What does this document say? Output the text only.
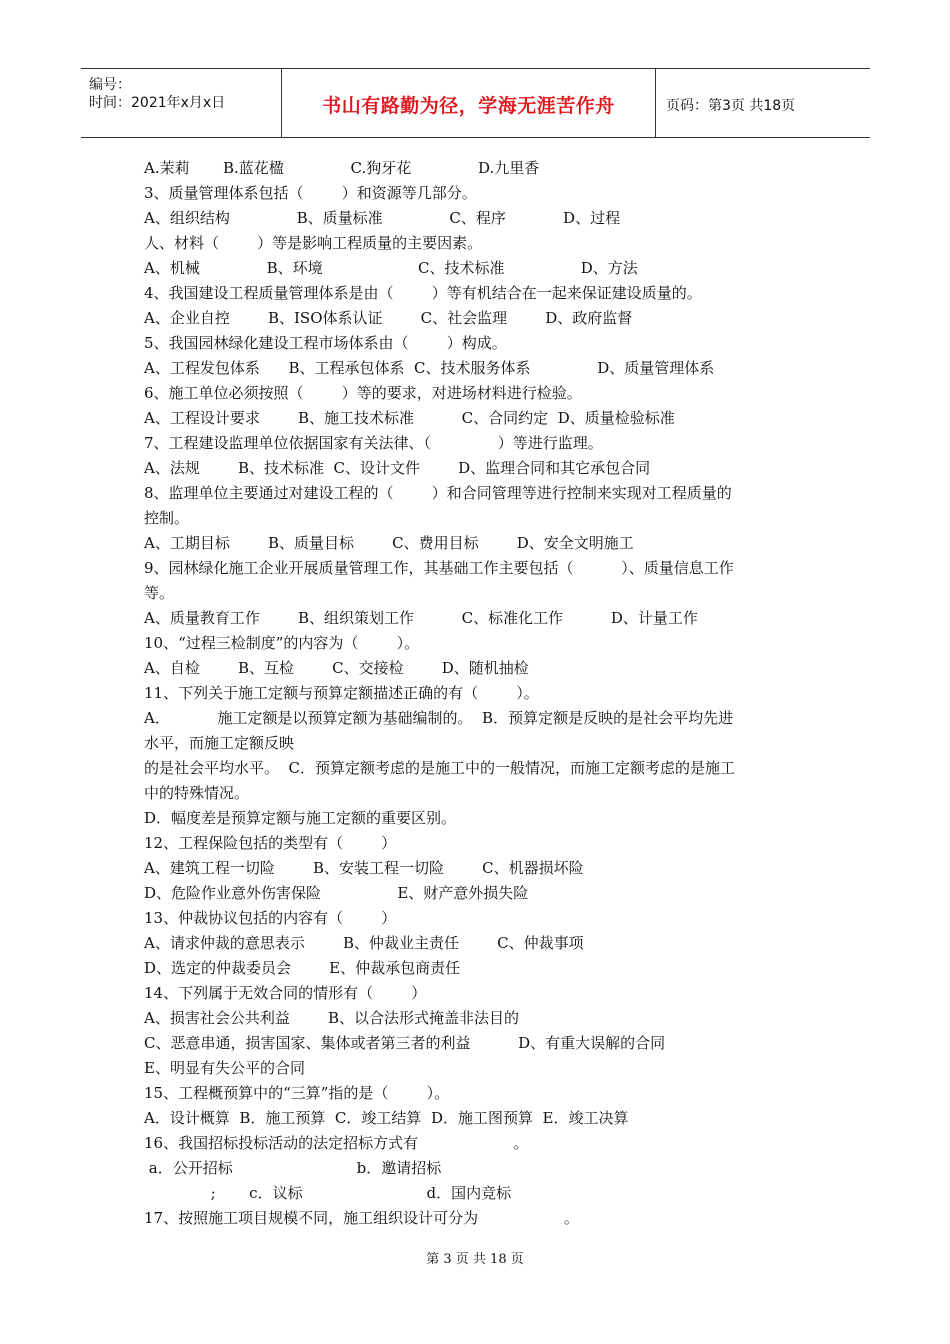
编号：
时间：2021年x月x日	书山有路勤为径，学海无涯苦作舟	页码：第3页 共18页
A.茉莉       B.蓝花楹              C.狗牙花              D.九里香
3、质量管理体系包括（        ）和资源等几部分。
A、组织结构              B、质量标准              C、程序            D、过程
人、材料（        ）等是影响工程质量的主要因素。
A、机械              B、环境                    C、技术标准                D、方法
4、我国建设工程质量管理体系是由（        ）等有机结合在一起来保证建设质量的。
A、企业自控        B、ISO体系认证        C、社会监理        D、政府监督
5、我国园林绿化建设工程市场体系由（        ）构成。
A、工程发包体系      B、工程承包体系  C、技术服务体系              D、质量管理体系
6、施工单位必须按照（        ）等的要求，对进场材料进行检验。
A、工程设计要求        B、施工技术标准          C、合同约定  D、质量检验标准
7、工程建设监理单位依据国家有关法律、（              ）等进行监理。
A、法规        B、技术标准  C、设计文件        D、监理合同和其它承包合同
8、监理单位主要通过对建设工程的（        ）和合同管理等进行控制来实现对工程质量的
控制。
A、工期目标        B、质量目标        C、费用目标        D、安全文明施工
9、园林绿化施工企业开展质量管理工作，其基础工作主要包括（          ）、质量信息工作
等。
A、质量教育工作        B、组织策划工作          C、标准化工作          D、计量工作
10、“过程三检制度”的内容为（        ）。
A、自检        B、互检        C、交接检        D、随机抽检
11、下列关于施工定额与预算定额描述正确的有（        ）。
A．          施工定额是以预算定额为基础编制的。  B．预算定额是反映的是社会平均先进
水平，而施工定额反映
的是社会平均水平。  C．预算定额考虑的是施工中的一般情况，而施工定额考虑的是施工
中的特殊情况。
D．幅度差是预算定额与施工定额的重要区别。
12、工程保险包括的类型有（        ）
A、建筑工程一切险        B、安装工程一切险        C、机器损坏险
D、危险作业意外伤害保险                E、财产意外损失险
13、仲裁协议包括的内容有（        ）
A、请求仲裁的意思表示        B、仲裁业主责任        C、仲裁事项
D、选定的仲裁委员会        E、仲裁承包商责任
14、下列属于无效合同的情形有（        ）
A、损害社会公共利益        B、以合法形式掩盖非法目的
C、恶意串通，损害国家、集体或者第三者的利益          D、有重大误解的合同
E、明显有失公平的合同
15、工程概预算中的“三算”指的是（        ）。
A．设计概算  B．施工预算  C．竣工结算  D．施工图预算  E．竣工决算
16、我国招标投标活动的法定招标方式有                    。
a．公开招标                          b．邀请招标
;       c．议标                          d．国内竞标
17、按照施工项目规模不同，施工组织设计可分为                  。
第 3 页 共 18 页
